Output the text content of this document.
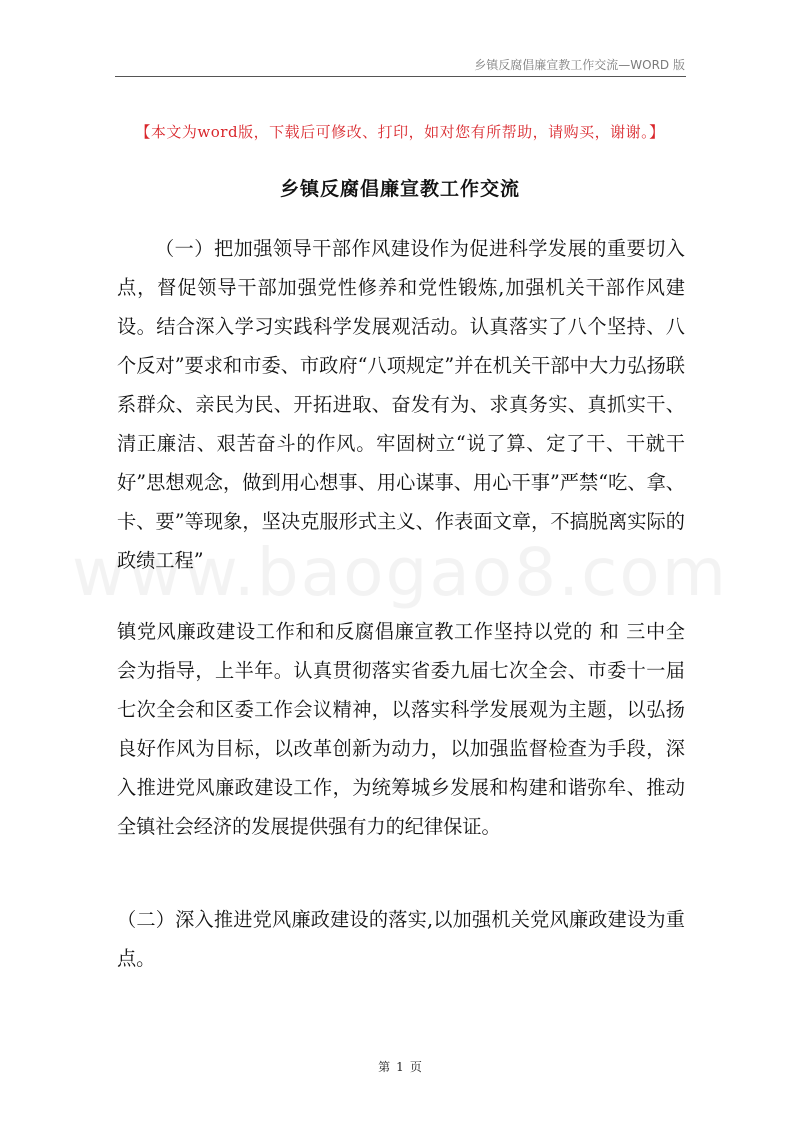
乡镇反腐倡廉宣教工作交流—WORD 版
【本文为word版，下载后可修改、打印，如对您有所帮助，请购买，谢谢。】
乡镇反腐倡廉宣教工作交流

（一）把加强领导干部作风建设作为促进科学发展的重要切入点，督促领导干部加强党性修养和党性锻炼,加强机关干部作风建设。结合深入学习实践科学发展观活动。认真落实了八个坚持、八个反对”要求和市委、市政府“八项规定”并在机关干部中大力弘扬联系群众、亲民为民、开拓进取、奋发有为、求真务实、真抓实干、清正廉洁、艰苦奋斗的作风。牢固树立“说了算、定了干、干就干好”思想观念，做到用心想事、用心谋事、用心干事”严禁“吃、拿、卡、要”等现象，坚决克服形式主义、作表面文章，不搞脱离实际的政绩工程”

镇党风廉政建设工作和和反腐倡廉宣教工作坚持以党的 和 三中全会为指导，上半年。认真贯彻落实省委九届七次全会、市委十一届七次全会和区委工作会议精神，以落实科学发展观为主题，以弘扬良好作风为目标，以改革创新为动力，以加强监督检查为手段，深入推进党风廉政建设工作，为统筹城乡发展和构建和谐弥牟、推动全镇社会经济的发展提供强有力的纪律保证。

（二）深入推进党风廉政建设的落实,以加强机关党风廉政建设为重点。

第 1 页
